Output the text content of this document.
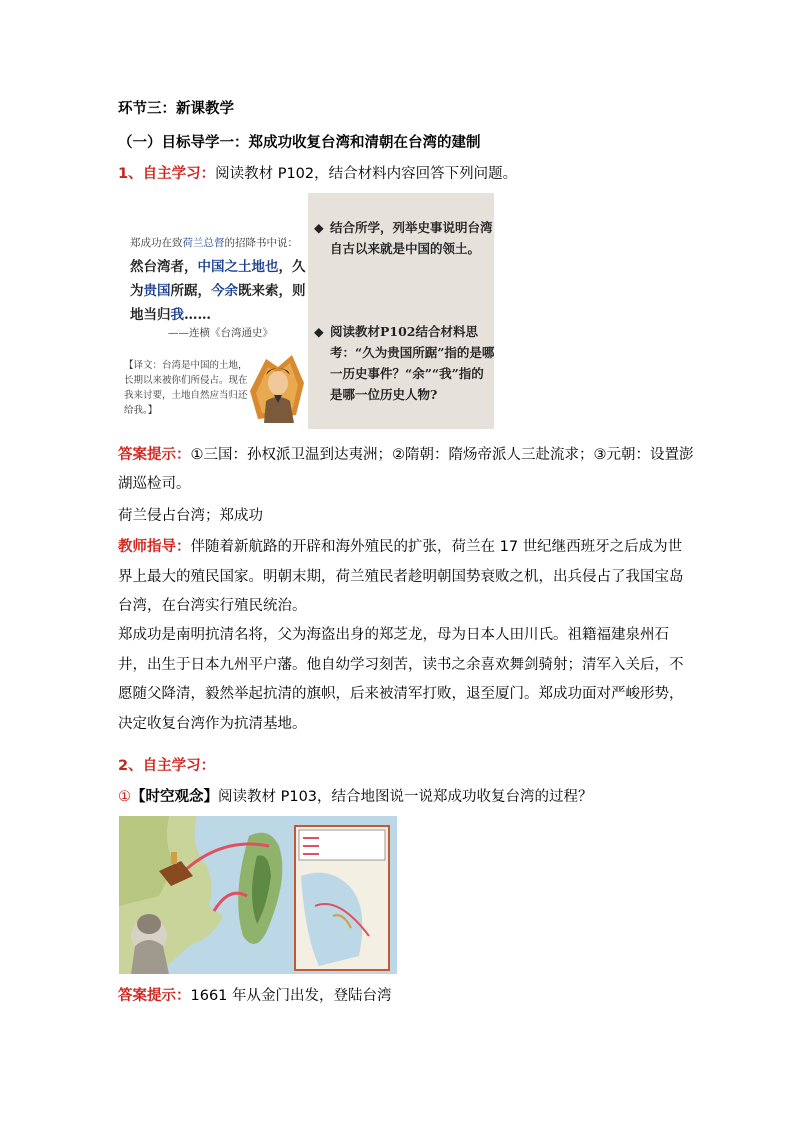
环节三：新课教学
（一）目标导学一：郑成功收复台湾和清朝在台湾的建制
1、自主学习：阅读教材 P102，结合材料内容回答下列问题。
郑成功在致荷兰总督的招降书中说：
然台湾者，中国之土地也，久
为贵国所踞，今余既来索，则
地当归我……
——连横《台湾通史》
【译文：台湾是中国的土地，长期以来被你们所侵占。现在我来讨要，土地自然应当归还给我。】
◆ 结合所学，列举史事说明台湾自古以来就是中国的领土。
◆ 阅读教材P102结合材料思考：“久为贵国所踞”指的是哪一历史事件？“余”“我”指的是哪一位历史人物?
答案提示：①三国：孙权派卫温到达夷洲；②隋朝：隋炀帝派人三赴流求；③元朝：设置澎
湖巡检司。
荷兰侵占台湾；郑成功
教师指导：伴随着新航路的开辟和海外殖民的扩张，荷兰在 17 世纪继西班牙之后成为世界上最大的殖民国家。明朝末期，荷兰殖民者趁明朝国势衰败之机，出兵侵占了我国宝岛台湾，在台湾实行殖民统治。
郑成功是南明抗清名将，父为海盗出身的郑芝龙，母为日本人田川氏。祖籍福建泉州石井，出生于日本九州平户藩。他自幼学习刻苦，读书之余喜欢舞剑骑射；清军入关后，不愿随父降清，毅然举起抗清的旗帜，后来被清军打败，退至厦门。郑成功面对严峻形势，决定收复台湾作为抗清基地。
2、自主学习：
①【时空观念】阅读教材 P103，结合地图说一说郑成功收复台湾的过程？
答案提示：1661 年从金门出发，登陆台湾
